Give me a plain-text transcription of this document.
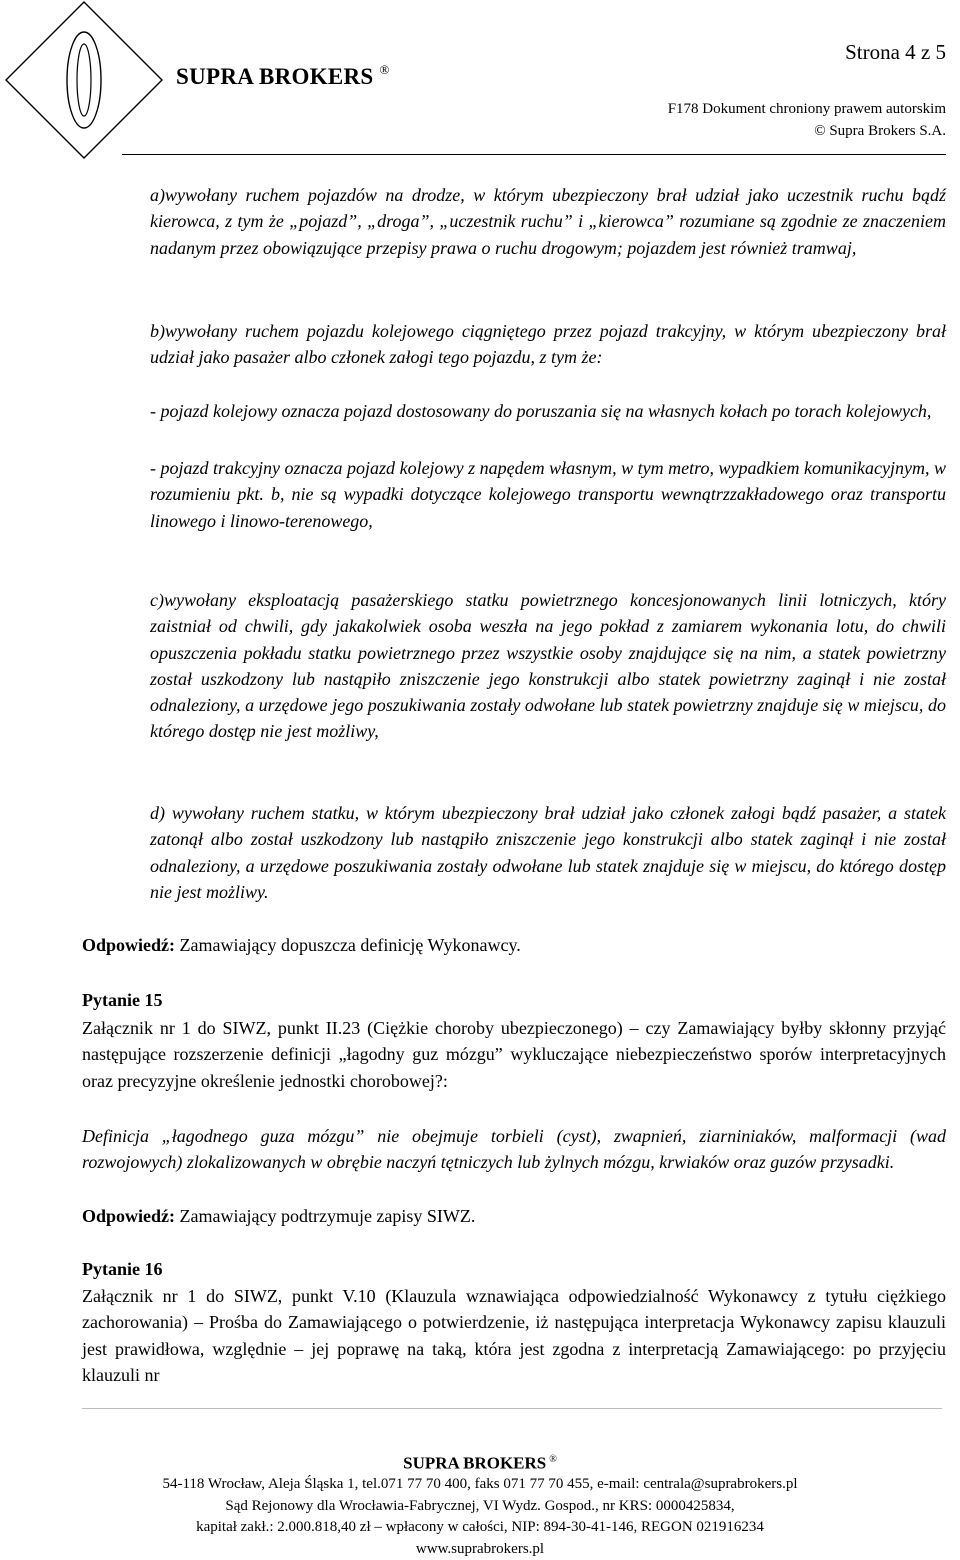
SUPRA BROKERS ®
Strona 4 z 5
F178 Dokument chroniony prawem autorskim
© Supra Brokers S.A.

a)wywołany ruchem pojazdów na drodze, w którym ubezpieczony brał udział jako uczestnik ruchu bądź kierowca, z tym że „pojazd”, „droga”, „uczestnik ruchu” i „kierowca” rozumiane są zgodnie ze znaczeniem nadanym przez obowiązujące przepisy prawa o ruchu drogowym; pojazdem jest również tramwaj,

b)wywołany ruchem pojazdu kolejowego ciągniętego przez pojazd trakcyjny, w którym ubezpieczony brał udział jako pasażer albo członek załogi tego pojazdu, z tym że:

- pojazd kolejowy oznacza pojazd dostosowany do poruszania się na własnych kołach po torach kolejowych,

- pojazd trakcyjny oznacza pojazd kolejowy z napędem własnym, w tym metro, wypadkiem komunikacyjnym, w rozumieniu pkt. b, nie są wypadki dotyczące kolejowego transportu wewnątrzzakładowego oraz transportu linowego i linowo-terenowego,

c)wywołany eksploatacją pasażerskiego statku powietrznego koncesjonowanych linii lotniczych, który zaistniał od chwili, gdy jakakolwiek osoba weszła na jego pokład z zamiarem wykonania lotu, do chwili opuszczenia pokładu statku powietrznego przez wszystkie osoby znajdujące się na nim, a statek powietrzny został uszkodzony lub nastąpiło zniszczenie jego konstrukcji albo statek powietrzny zaginął i nie został odnaleziony, a urzędowe jego poszukiwania zostały odwołane lub statek powietrzny znajduje się w miejscu, do którego dostęp nie jest możliwy,

d) wywołany ruchem statku, w którym ubezpieczony brał udział jako członek załogi bądź pasażer, a statek zatonął albo został uszkodzony lub nastąpiło zniszczenie jego konstrukcji albo statek zaginął i nie został odnaleziony, a urzędowe poszukiwania zostały odwołane lub statek znajduje się w miejscu, do którego dostęp nie jest możliwy.

Odpowiedź: Zamawiający dopuszcza definicję Wykonawcy.

Pytanie 15

Załącznik nr 1 do SIWZ, punkt II.23 (Ciężkie choroby ubezpieczonego) – czy Zamawiający byłby skłonny przyjąć następujące rozszerzenie definicji „łagodny guz mózgu” wykluczające niebezpieczeństwo sporów interpretacyjnych oraz precyzyjne określenie jednostki chorobowej?:

Definicja „łagodnego guza mózgu” nie obejmuje torbieli (cyst), zwapnień, ziarniniaków, malformacji (wad rozwojowych) zlokalizowanych w obrębie naczyń tętniczych lub żylnych mózgu, krwiaków oraz guzów przysadki.

Odpowiedź: Zamawiający podtrzymuje zapisy SIWZ.

Pytanie 16

Załącznik nr 1 do SIWZ, punkt V.10 (Klauzula wznawiająca odpowiedzialność Wykonawcy z tytułu ciężkiego zachorowania) – Prośba do Zamawiającego o potwierdzenie, iż następująca interpretacja Wykonawcy zapisu klauzuli jest prawidłowa, względnie – jej poprawę na taką, która jest zgodna z interpretacją Zamawiającego: po przyjęciu klauzuli nr

SUPRA BROKERS ®
54-118 Wrocław, Aleja Śląska 1, tel.071 77 70 400, faks 071 77 70 455, e-mail: centrala@suprabrokers.pl
Sąd Rejonowy dla Wrocławia-Fabrycznej, VI Wydz. Gospod., nr KRS: 0000425834,
kapitał zakł.: 2.000.818,40 zł – wpłacony w całości, NIP: 894-30-41-146, REGON 021916234
www.suprabrokers.pl
